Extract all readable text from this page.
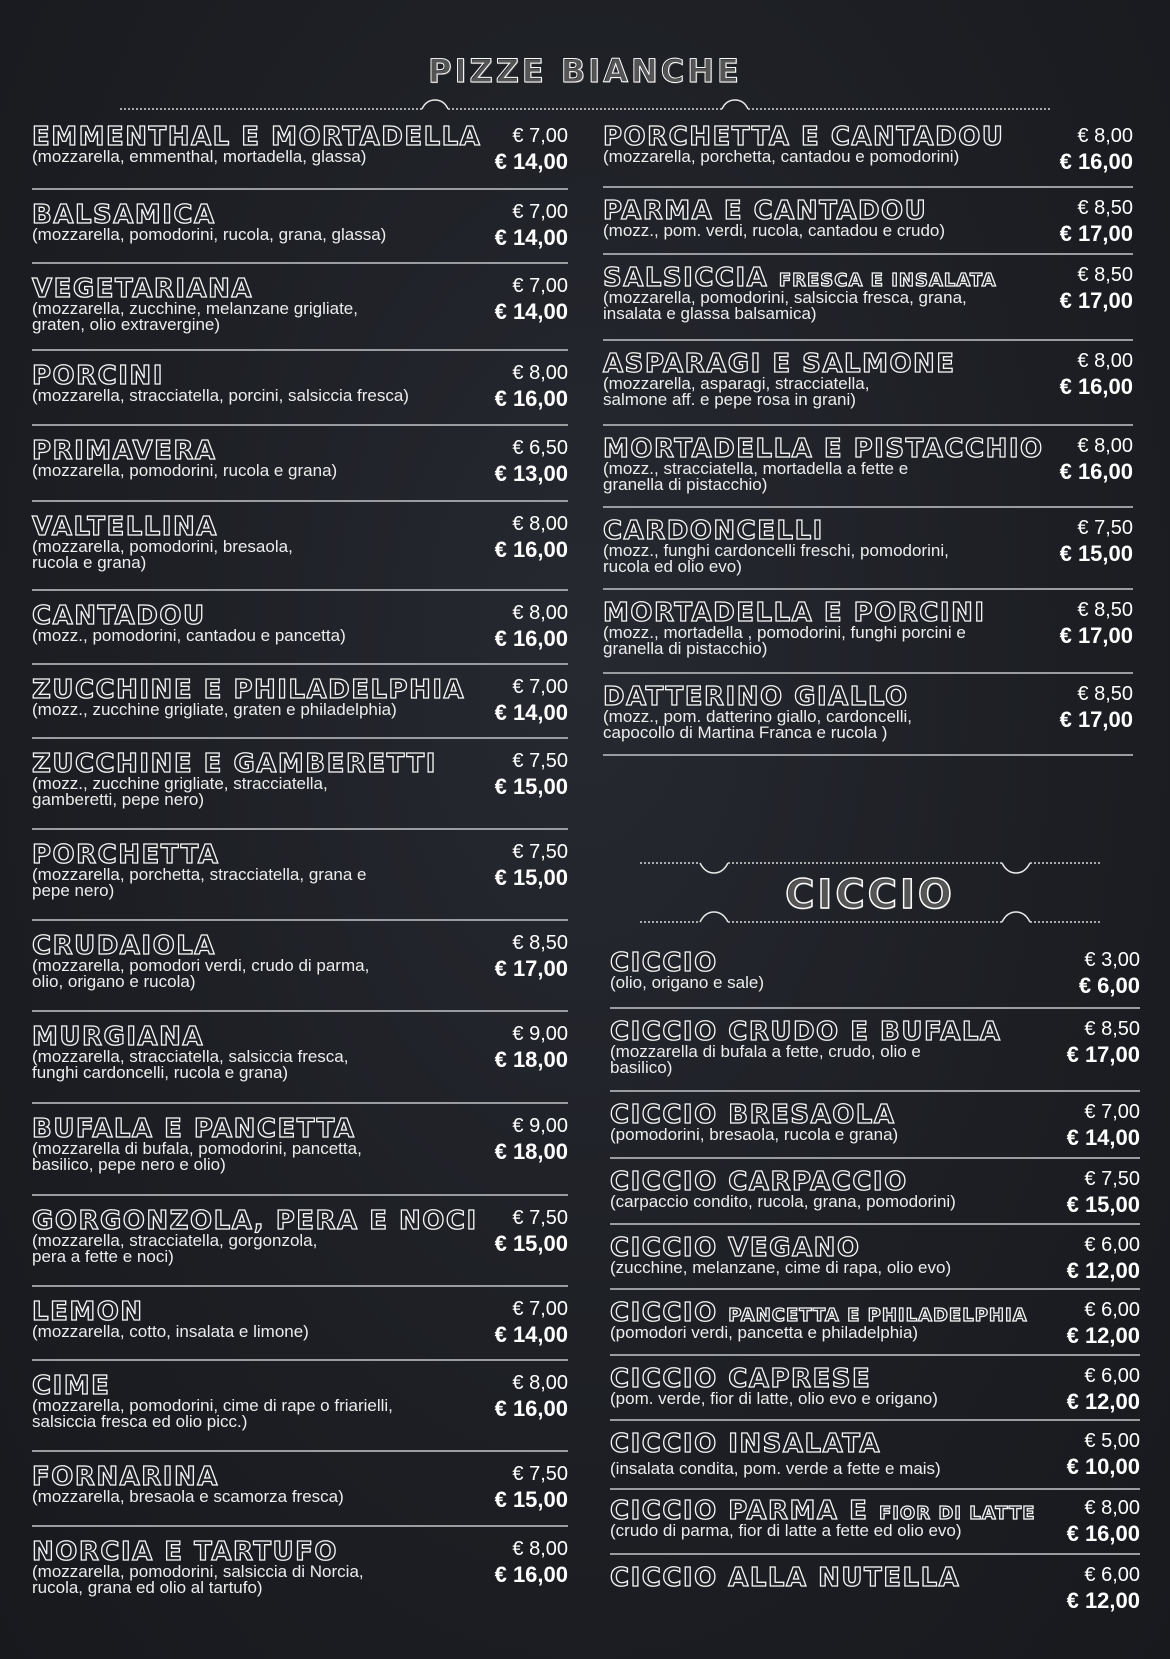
PIZZE BIANCHE
CICCIO
EMMENTHAL E MORTADELLA
(mozzarella, emmenthal, mortadella, glassa)
€ 7,00
€ 14,00
BALSAMICA
(mozzarella, pomodorini, rucola, grana, glassa)
€ 7,00
€ 14,00
VEGETARIANA
(mozzarella, zucchine, melanzane grigliate,
graten, olio extravergine)
€ 7,00
€ 14,00
PORCINI
(mozzarella, stracciatella, porcini, salsiccia fresca)
€ 8,00
€ 16,00
PRIMAVERA
(mozzarella, pomodorini, rucola e grana)
€ 6,50
€ 13,00
VALTELLINA
(mozzarella, pomodorini, bresaola,
rucola e grana)
€ 8,00
€ 16,00
CANTADOU
(mozz., pomodorini, cantadou e pancetta)
€ 8,00
€ 16,00
ZUCCHINE E PHILADELPHIA
(mozz., zucchine grigliate, graten e philadelphia)
€ 7,00
€ 14,00
ZUCCHINE E GAMBERETTI
(mozz., zucchine grigliate, stracciatella,
gamberetti, pepe nero)
€ 7,50
€ 15,00
PORCHETTA
(mozzarella, porchetta, stracciatella, grana e
pepe nero)
€ 7,50
€ 15,00
CRUDAIOLA
(mozzarella, pomodori verdi, crudo di parma,
olio, origano e rucola)
€ 8,50
€ 17,00
MURGIANA
(mozzarella, stracciatella, salsiccia fresca,
funghi cardoncelli, rucola e grana)
€ 9,00
€ 18,00
BUFALA E PANCETTA
(mozzarella di bufala, pomodorini, pancetta,
basilico, pepe nero e olio)
€ 9,00
€ 18,00
GORGONZOLA, PERA E NOCI
(mozzarella, stracciatella, gorgonzola,
pera a fette e noci)
€ 7,50
€ 15,00
LEMON
(mozzarella, cotto, insalata e limone)
€ 7,00
€ 14,00
CIME
(mozzarella, pomodorini, cime di rape o friarielli,
salsiccia fresca ed olio picc.)
€ 8,00
€ 16,00
FORNARINA
(mozzarella, bresaola e scamorza fresca)
€ 7,50
€ 15,00
NORCIA E TARTUFO
(mozzarella, pomodorini, salsiccia di Norcia,
rucola, grana ed olio al tartufo)
€ 8,00
€ 16,00
PORCHETTA E CANTADOU
(mozzarella, porchetta, cantadou e pomodorini)
€ 8,00
€ 16,00
PARMA E CANTADOU
(mozz., pom. verdi, rucola, cantadou e crudo)
€ 8,50
€ 17,00
SALSICCIA FRESCA E INSALATA
(mozzarella, pomodorini, salsiccia fresca, grana,
insalata e glassa balsamica)
€ 8,50
€ 17,00
ASPARAGI E SALMONE
(mozzarella, asparagi, stracciatella,
salmone aff. e pepe rosa in grani)
€ 8,00
€ 16,00
MORTADELLA E PISTACCHIO
(mozz., stracciatella, mortadella a fette e
granella di pistacchio)
€ 8,00
€ 16,00
CARDONCELLI
(mozz., funghi cardoncelli freschi, pomodorini,
rucola ed olio evo)
€ 7,50
€ 15,00
MORTADELLA E PORCINI
(mozz., mortadella , pomodorini, funghi porcini e
granella di pistacchio)
€ 8,50
€ 17,00
DATTERINO GIALLO
(mozz., pom. datterino giallo, cardoncelli,
capocollo di Martina Franca e rucola )
€ 8,50
€ 17,00
CICCIO
(olio, origano e sale)
€ 3,00
€ 6,00
CICCIO CRUDO E BUFALA
(mozzarella di bufala a fette, crudo, olio e
basilico)
€ 8,50
€ 17,00
CICCIO BRESAOLA
(pomodorini, bresaola, rucola e grana)
€ 7,00
€ 14,00
CICCIO CARPACCIO
(carpaccio condito, rucola, grana, pomodorini)
€ 7,50
€ 15,00
CICCIO VEGANO
(zucchine, melanzane, cime di rapa, olio evo)
€ 6,00
€ 12,00
CICCIO PANCETTA E PHILADELPHIA
(pomodori verdi, pancetta e philadelphia)
€ 6,00
€ 12,00
CICCIO CAPRESE
(pom. verde, fior di latte, olio evo e origano)
€ 6,00
€ 12,00
CICCIO INSALATA
(insalata condita, pom. verde a fette e mais)
€ 5,00
€ 10,00
CICCIO PARMA E FIOR DI LATTE
(crudo di parma, fior di latte a fette ed olio evo)
€ 8,00
€ 16,00
CICCIO ALLA NUTELLA	€ 6,00
€ 12,00
